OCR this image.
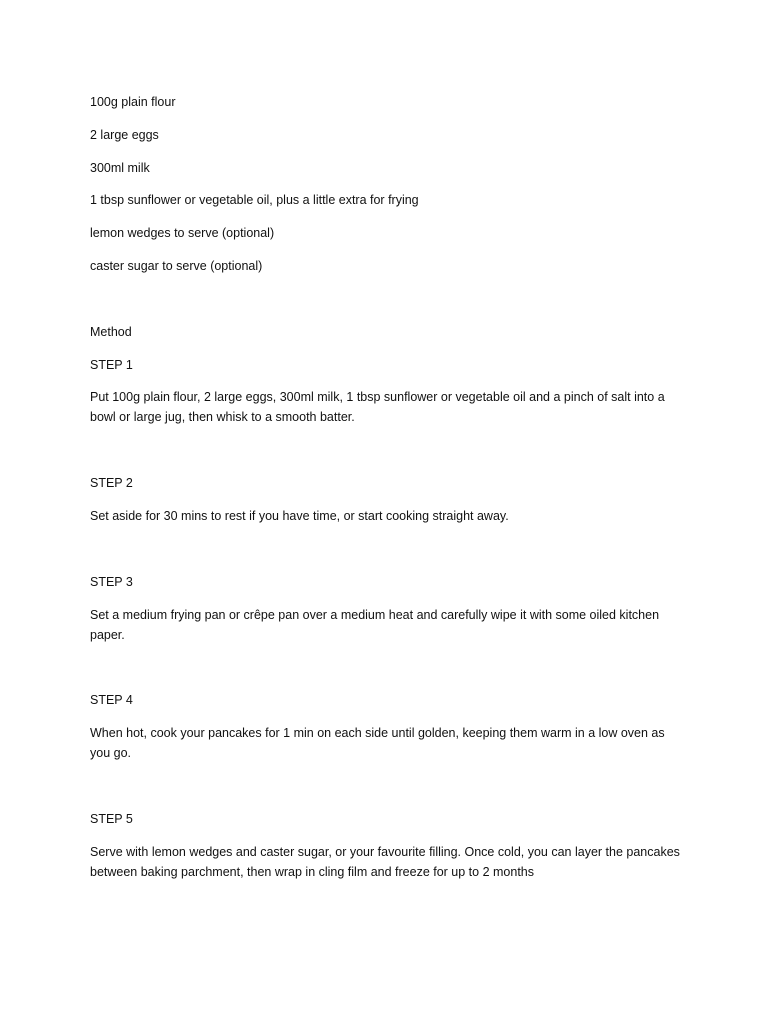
100g plain flour
2 large eggs
300ml milk
1 tbsp sunflower or vegetable oil, plus a little extra for frying
lemon wedges to serve (optional)
caster sugar to serve (optional)
Method
STEP 1
Put 100g plain flour, 2 large eggs, 300ml milk, 1 tbsp sunflower or vegetable oil and a pinch of salt into a bowl or large jug, then whisk to a smooth batter.
STEP 2
Set aside for 30 mins to rest if you have time, or start cooking straight away.
STEP 3
Set a medium frying pan or crêpe pan over a medium heat and carefully wipe it with some oiled kitchen paper.
STEP 4
When hot, cook your pancakes for 1 min on each side until golden, keeping them warm in a low oven as you go.
STEP 5
Serve with lemon wedges and caster sugar, or your favourite filling. Once cold, you can layer the pancakes between baking parchment, then wrap in cling film and freeze for up to 2 months
